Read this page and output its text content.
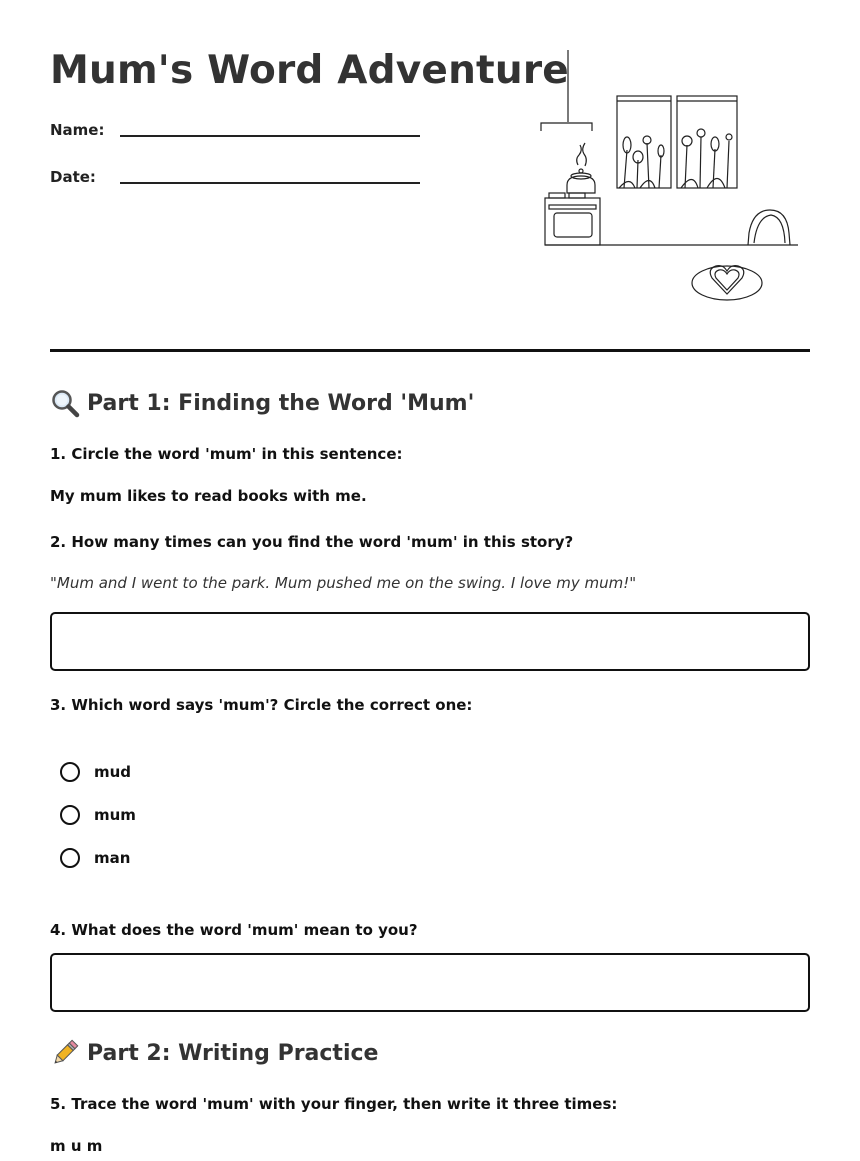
Mum's Word Adventure
Name:
Date:
Part 1: Finding the Word 'Mum'
1. Circle the word 'mum' in this sentence:
My mum likes to read books with me.
2. How many times can you find the word 'mum' in this story?
"Mum and I went to the park. Mum pushed me on the swing. I love my mum!"
3. Which word says 'mum'? Circle the correct one:
mud
mum
man
4. What does the word 'mum' mean to you?
Part 2: Writing Practice
5. Trace the word 'mum' with your finger, then write it three times:
m u m
